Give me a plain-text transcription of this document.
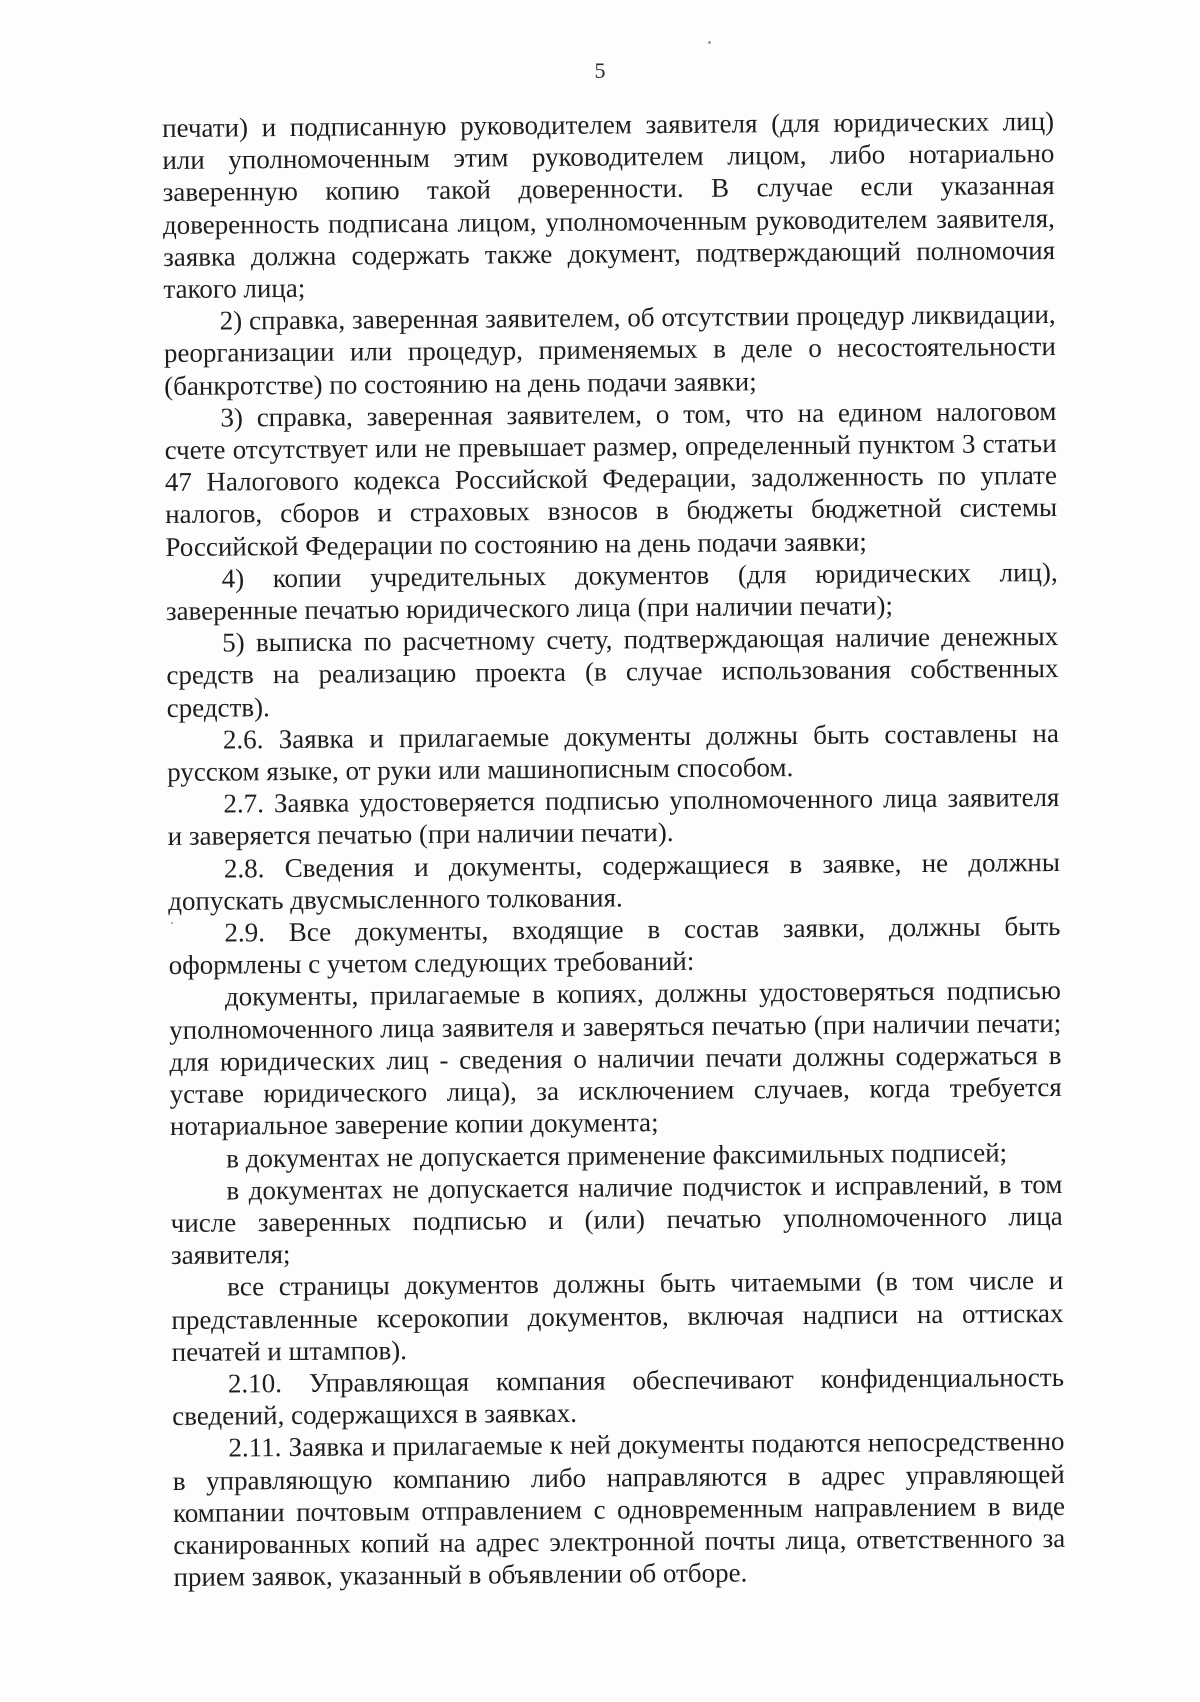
5

печати) и подписанную руководителем заявителя (для юридических лиц) или уполномоченным этим руководителем лицом, либо нотариально заверенную копию такой доверенности. В случае если указанная доверенность подписана лицом, уполномоченным руководителем заявителя, заявка должна содержать также документ, подтверждающий полномочия такого лица;

2) справка, заверенная заявителем, об отсутствии процедур ликвидации, реорганизации или процедур, применяемых в деле о несостоятельности (банкротстве) по состоянию на день подачи заявки;

3) справка, заверенная заявителем, о том, что на едином налоговом счете отсутствует или не превышает размер, определенный пунктом 3 статьи 47 Налогового кодекса Российской Федерации, задолженность по уплате налогов, сборов и страховых взносов в бюджеты бюджетной системы Российской Федерации по состоянию на день подачи заявки;

4) копии учредительных документов (для юридических лиц), заверенные печатью юридического лица (при наличии печати);

5) выписка по расчетному счету, подтверждающая наличие денежных средств на реализацию проекта (в случае использования собственных средств).

2.6. Заявка и прилагаемые документы должны быть составлены на русском языке, от руки или машинописным способом.

2.7. Заявка удостоверяется подписью уполномоченного лица заявителя и заверяется печатью (при наличии печати).

2.8. Сведения и документы, содержащиеся в заявке, не должны допускать двусмысленного толкования.

2.9. Все документы, входящие в состав заявки, должны быть оформлены с учетом следующих требований:

документы, прилагаемые в копиях, должны удостоверяться подписью уполномоченного лица заявителя и заверяться печатью (при наличии печати; для юридических лиц - сведения о наличии печати должны содержаться в уставе юридического лица), за исключением случаев, когда требуется нотариальное заверение копии документа;

в документах не допускается применение факсимильных подписей;

в документах не допускается наличие подчисток и исправлений, в том числе заверенных подписью и (или) печатью уполномоченного лица заявителя;

все страницы документов должны быть читаемыми (в том числе и представленные ксерокопии документов, включая надписи на оттисках печатей и штампов).

2.10. Управляющая компания обеспечивают конфиденциальность сведений, содержащихся в заявках.

2.11. Заявка и прилагаемые к ней документы подаются непосредственно в управляющую компанию либо направляются в адрес управляющей компании почтовым отправлением с одновременным направлением в виде сканированных копий на адрес электронной почты лица, ответственного за прием заявок, указанный в объявлении об отборе.
